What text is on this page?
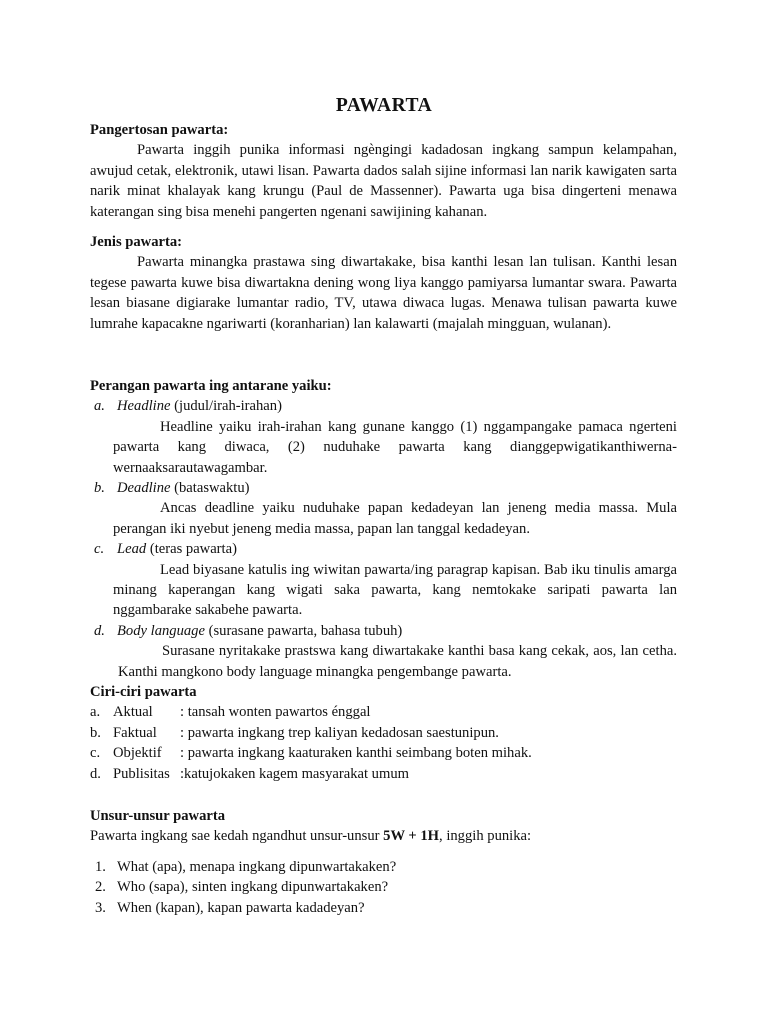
PAWARTA
Pangertosan pawarta:

Pawarta inggih punika informasi ngèngingi kadadosan ingkang sampun kelampahan, awujud cetak, elektronik, utawi lisan. Pawarta dados salah sijine informasi lan narik kawigaten sarta narik minat khalayak kang krungu (Paul de Massenner). Pawarta uga bisa dingerteni menawa katerangan sing bisa menehi pangerten ngenani sawijining kahanan.

Jenis pawarta:

Pawarta minangka prastawa sing diwartakake, bisa kanthi lesan lan tulisan. Kanthi lesan tegese pawarta kuwe bisa diwartakna dening wong liya kanggo pamiyarsa lumantar swara. Pawarta lesan biasane digiarake lumantar radio, TV, utawa diwaca lugas. Menawa tulisan pawarta kuwe lumrahe kapacakne ngariwarti (koranharian) lan kalawarti (majalah mingguan, wulanan).

Perangan pawarta ing antarane yaiku:
a. Headline (judul/irah-irahan)

Headline yaiku irah-irahan kang gunane kanggo (1) nggampangake pamaca ngerteni pawarta kang diwaca, (2) nuduhake pawarta kang dianggepwigatikanthiwerna-wernaaksarautawagambar.

b. Deadline (bataswaktu)

Ancas deadline yaiku nuduhake papan kedadeyan lan jeneng media massa. Mula perangan iki nyebut jeneng media massa, papan lan tanggal kedadeyan.

c. Lead (teras pawarta)

Lead biyasane katulis ing wiwitan pawarta/ing paragrap kapisan. Bab iku tinulis amarga minang kaperangan kang wigati saka pawarta, kang nemtokake saripati pawarta lan nggambarake sakabehe pawarta.

d. Body language (surasane pawarta, bahasa tubuh)

Surasane nyritakake prastswa kang diwartakake kanthi basa kang cekak, aos, lan cetha. Kanthi mangkono body language minangka pengembange pawarta.

Ciri-ciri pawarta
a. Aktual : tansah wonten pawartos énggal
b. Faktual : pawarta ingkang trep kaliyan kedadosan saestunipun.
c. Objektif : pawarta ingkang kaaturaken kanthi seimbang boten mihak.
d. Publisitas :katujokaken kagem masyarakat umum
Unsur-unsur pawarta
Pawarta ingkang sae kedah ngandhut unsur-unsur 5W + 1H, inggih punika:
1. What (apa), menapa ingkang dipunwartakaken?
2. Who (sapa), sinten ingkang dipunwartakaken?
3. When (kapan), kapan pawarta kadadeyan?
